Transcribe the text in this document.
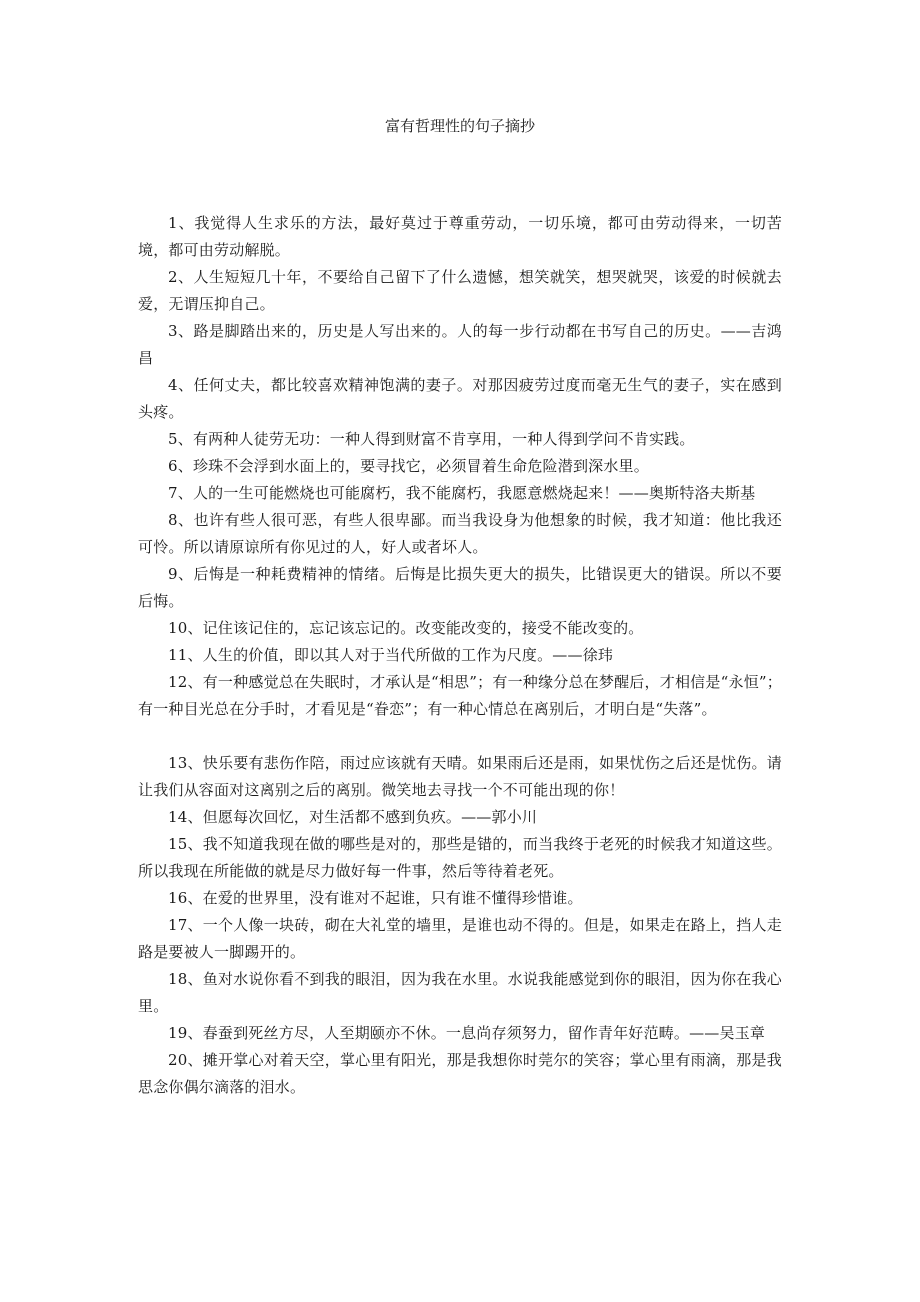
富有哲理性的句子摘抄

1、我觉得人生求乐的方法，最好莫过于尊重劳动，一切乐境，都可由劳动得来，一切苦境，都可由劳动解脱。

2、人生短短几十年，不要给自己留下了什么遗憾，想笑就笑，想哭就哭，该爱的时候就去爱，无谓压抑自己。

3、路是脚踏出来的，历史是人写出来的。人的每一步行动都在书写自己的历史。——吉鸿昌

4、任何丈夫，都比较喜欢精神饱满的妻子。对那因疲劳过度而毫无生气的妻子，实在感到头疼。

5、有两种人徒劳无功：一种人得到财富不肯享用，一种人得到学问不肯实践。

6、珍珠不会浮到水面上的，要寻找它，必须冒着生命危险潜到深水里。

7、人的一生可能燃烧也可能腐朽，我不能腐朽，我愿意燃烧起来！——奥斯特洛夫斯基

8、也许有些人很可恶，有些人很卑鄙。而当我设身为他想象的时候，我才知道：他比我还可怜。所以请原谅所有你见过的人，好人或者坏人。

9、后悔是一种耗费精神的情绪。后悔是比损失更大的损失，比错误更大的错误。所以不要后悔。

10、记住该记住的，忘记该忘记的。改变能改变的，接受不能改变的。

11、人生的价值，即以其人对于当代所做的工作为尺度。——徐玮

12、有一种感觉总在失眠时，才承认是“相思”；有一种缘分总在梦醒后，才相信是“永恒”；有一种目光总在分手时，才看见是“眷恋”；有一种心情总在离别后，才明白是“失落”。

13、快乐要有悲伤作陪，雨过应该就有天晴。如果雨后还是雨，如果忧伤之后还是忧伤。请让我们从容面对这离别之后的离别。微笑地去寻找一个不可能出现的你！

14、但愿每次回忆，对生活都不感到负疚。——郭小川

15、我不知道我现在做的哪些是对的，那些是错的，而当我终于老死的时候我才知道这些。所以我现在所能做的就是尽力做好每一件事，然后等待着老死。

16、在爱的世界里，没有谁对不起谁，只有谁不懂得珍惜谁。

17、一个人像一块砖，砌在大礼堂的墙里，是谁也动不得的。但是，如果走在路上，挡人走路是要被人一脚踢开的。

18、鱼对水说你看不到我的眼泪，因为我在水里。水说我能感觉到你的眼泪，因为你在我心里。

19、春蚕到死丝方尽，人至期颐亦不休。一息尚存须努力，留作青年好范畴。——吴玉章

20、摊开掌心对着天空，掌心里有阳光，那是我想你时莞尔的笑容；掌心里有雨滴，那是我思念你偶尔滴落的泪水。
